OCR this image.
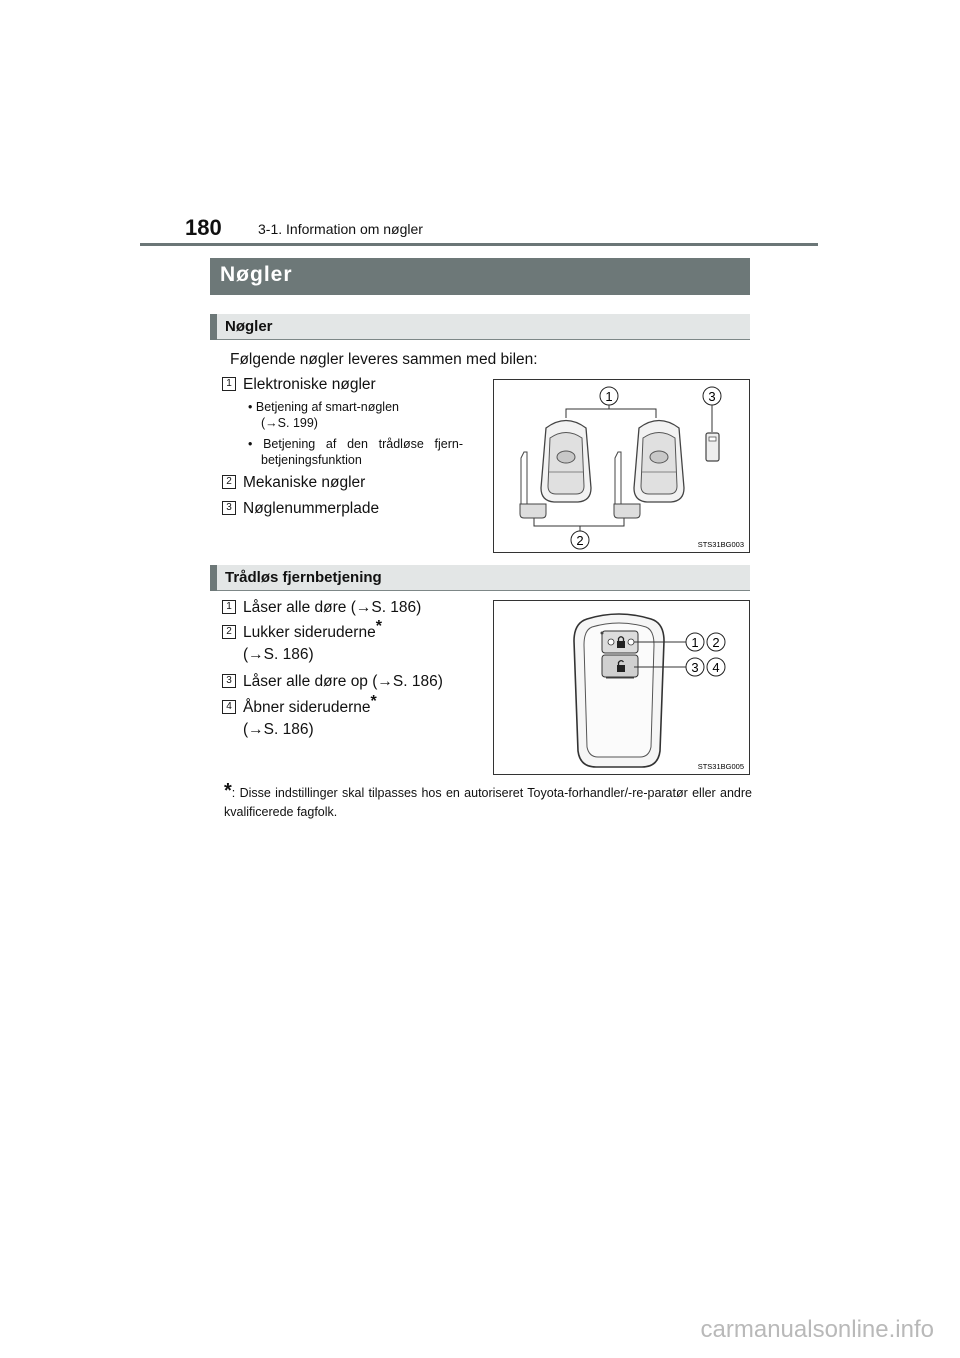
180	3-1. Information om nøgler
Nøgler
Nøgler
Følgende nøgler leveres sammen med bilen:
1 Elektroniske nøgler
• Betjening af smart-nøglen
(→S. 199)
• Betjening af den trådløse fjern-
betjeningsfunktion
2 Mekaniske nøgler
3 Nøglenummerplade
1	3
2	STS31BG003
Trådløs fjernbetjening
1 Låser alle døre (→S. 186)
2 Lukker sideruderne*
(→S. 186)
3 Låser alle døre op (→S. 186)
4 Åbner sideruderne*
(→S. 186)
1 2
3 4
STS31BG005
*: Disse indstillinger skal tilpasses hos en autoriseret Toyota-forhandler/-re-paratør eller andre kvalificerede fagfolk.
carmanualsonline.info
